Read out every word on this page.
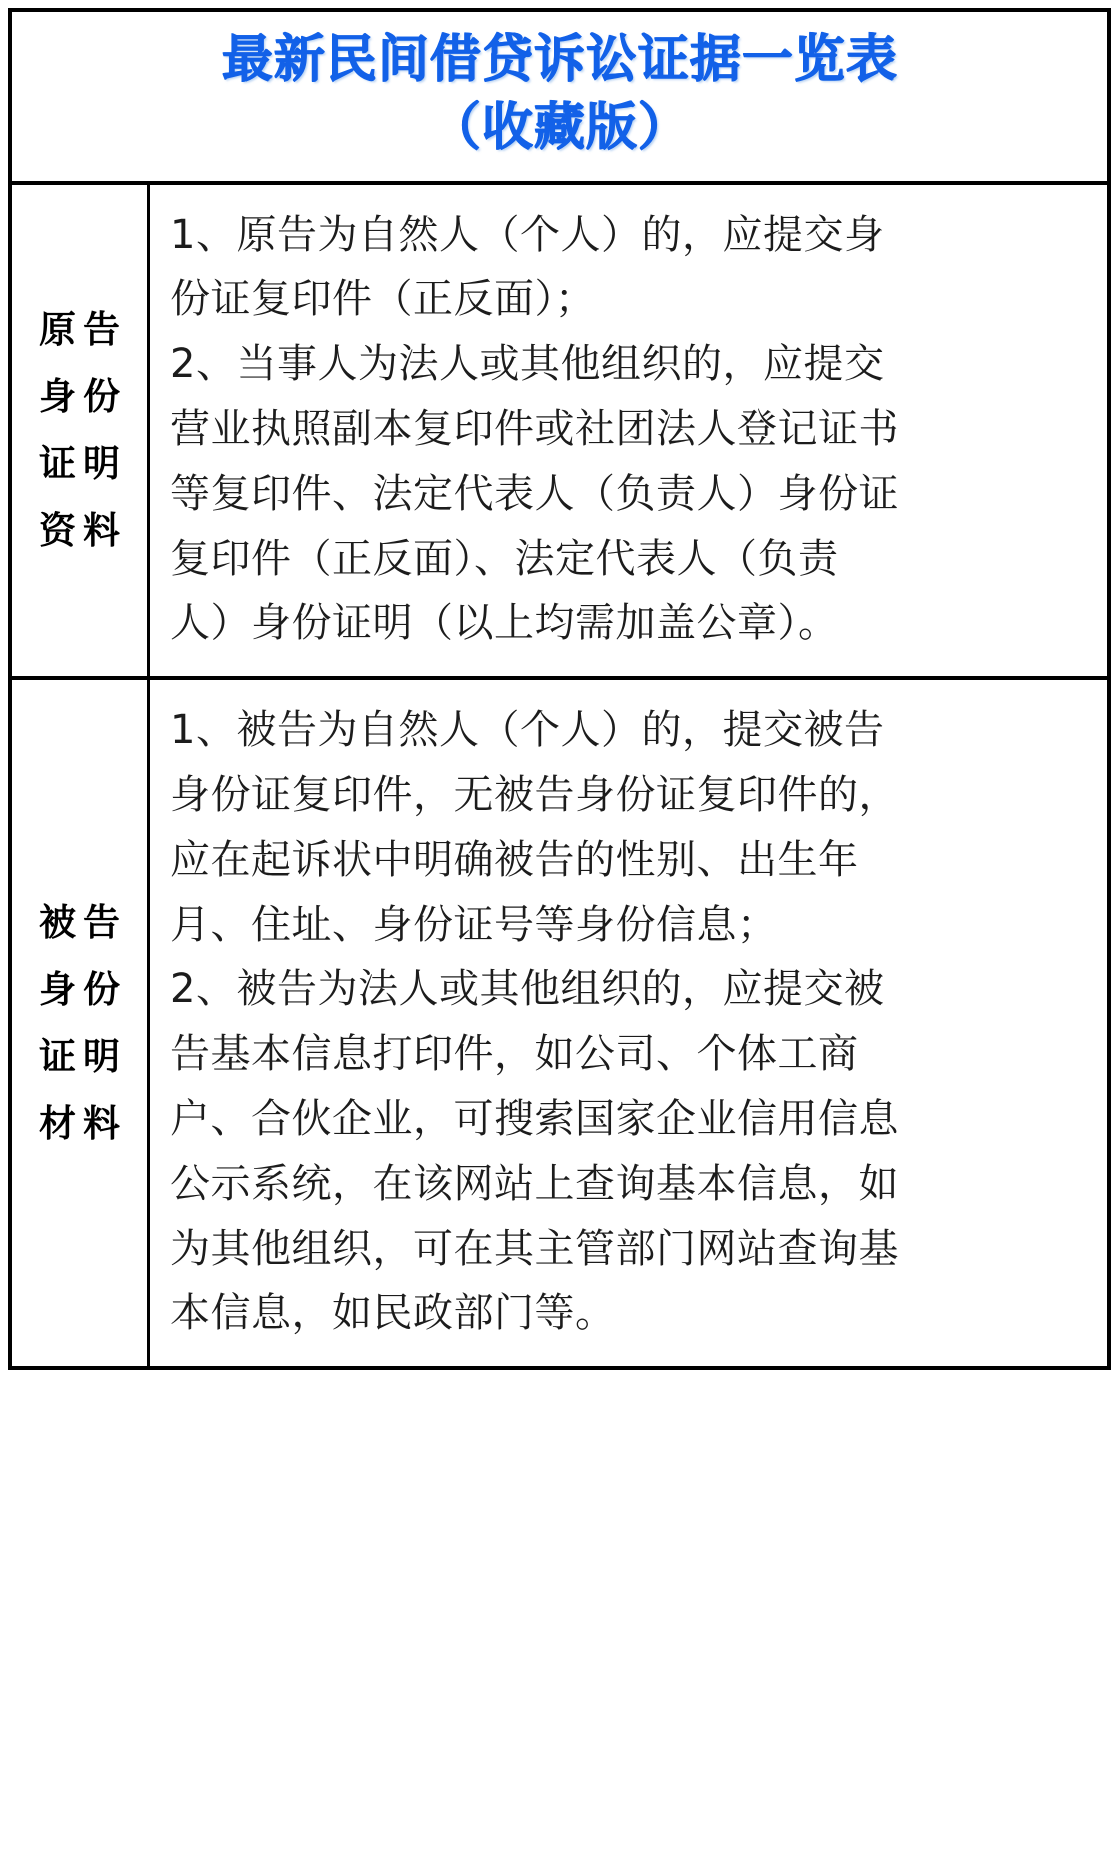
最新民间借贷诉讼证据一览表
（收藏版）
原告
身份
证明
资料
1、原告为自然人（个人）的，应提交身
份证复印件（正反面）；
2、当事人为法人或其他组织的，应提交
营业执照副本复印件或社团法人登记证书
等复印件、法定代表人（负责人）身份证
复印件（正反面）、法定代表人（负责
人）身份证明（以上均需加盖公章）。
被告
身份
证明
材料
1、被告为自然人（个人）的，提交被告
身份证复印件，无被告身份证复印件的，
应在起诉状中明确被告的性别、出生年
月、住址、身份证号等身份信息；
2、被告为法人或其他组织的，应提交被
告基本信息打印件，如公司、个体工商
户、合伙企业，可搜索国家企业信用信息
公示系统，在该网站上查询基本信息，如
为其他组织，可在其主管部门网站查询基
本信息，如民政部门等。
